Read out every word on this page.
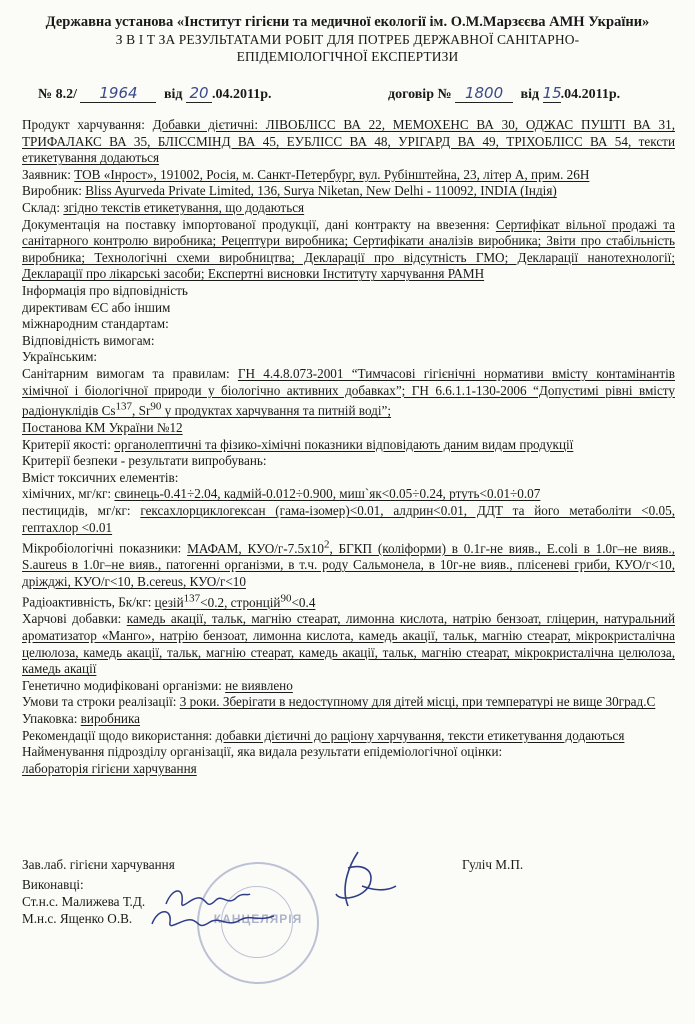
Державна установа «Інститут гігієни та медичної екології ім. О.М.Марзєєва АМН України»
З В І Т ЗА РЕЗУЛЬТАТАМИ РОБІТ ДЛЯ ПОТРЕБ ДЕРЖАВНОЇ САНІТАРНО-
ЕПІДЕМІОЛОГІЧНОЇ ЕКСПЕРТИЗИ
№ 8.2/ 1964 від 20 .04.2011р.	договір № 1800 від 15.04.2011р.
Продукт харчування: Добавки дієтичні: ЛІВОБЛІСС ВА 22, МЕМОХЕНС ВА 30, ОДЖАС ПУШТІ ВА 31, ТРИФАЛАКС ВА 35, БЛІССМІНД ВА 45, ЕУБЛІСС ВА 48, УРІГАРД ВА 49, ТРІХОБЛІСС ВА 54, тексти етикетування додаються
Заявник: ТОВ «Інрост», 191002, Росія, м. Санкт-Петербург, вул. Рубінштейна, 23, літер А, прим. 26Н
Виробник: Bliss Ayurveda Private Limited, 136, Surya Niketan, New Delhi - 110092, INDIA (Індія)
Склад: згідно текстів етикетування, що додаються
Документація на поставку імпортованої продукції, дані контракту на ввезення: Сертифікат вільної продажі та санітарного контролю виробника; Рецептури виробника; Сертифікати аналізів виробника; Звіти про стабільність виробника; Технологічні схеми виробництва; Декларації про відсутність ГМО; Декларації нанотехнології; Декларації про лікарські засоби; Експертні висновки Інституту харчування РАМН
Інформація про відповідність
директивам ЄС або іншим
міжнародним стандартам:
Відповідність вимогам:
Українським:
Санітарним вимогам та правилам: ГН 4.4.8.073-2001 “Тимчасові гігієнічні нормативи вмісту контамінантів хімічної і біологічної природи у біологічно активних добавках”; ГН 6.6.1.1-130-2006 “Допустимі рівні вмісту радіонуклідів Cs$^{137}$, Sr$^{90}$ у продуктах харчування та питній воді”;
Постанова КМ України №12
Критерії якості: органолептичні та фізико-хімічні показники відповідають даним видам продукції
Критерії безпеки - результати випробувань:
Вміст токсичних елементів:
хімічних, мг/кг: свинець-0.41÷2.04, кадмій-0.012÷0.900, миш`як<0.05÷0.24, ртуть<0.01÷0.07
пестицидів, мг/кг: гексахлорциклогексан (гама-ізомер)<0.01, алдрин<0.01, ДДТ та його метаболіти <0.05, гептахлор <0.01
Мікробіологічні показники: МАФАМ, КУО/$г-7.5х10^2$, БГКП (коліформи) в 0.1г-не вияв., E.coli в 1.0г–не вияв., S.aureus в 1.0г–не вияв., патогенні організми, в т.ч. роду Сальмонела, в 10г-не вияв., плісеневі гриби, КУО/г<10, дріжджі, КУО/г<10, B.cereus, КУО/г<10
Радіоактивність, Бк/кг: цезій$^{137}$<0.2, стронцій$^{90}$<0.4
Харчові добавки: камедь акації, тальк, магнію стеарат, лимонна кислота, натрію бензоат, гліцерин, натуральний ароматизатор «Манго», натрію бензоат, лимонна кислота, камедь акації, тальк, магнію стеарат, мікрокристалічна целюлоза, камедь акації, тальк, магнію стеарат, камедь акації, тальк, магнію стеарат, мікрокристалічна целюлоза, камедь акації
Генетично модифіковані організми: не виявлено
Умови та строки реалізації: 3 роки. Зберігати в недоступному для дітей місці, при температурі не вище 30град.С
Упаковка: виробника
Рекомендації щодо використання: добавки дієтичні до раціону харчування, тексти етикетування додаються
Найменування підрозділу організації, яка видала результати епідеміологічної оцінки:
лабораторія гігієни харчування
КАНЦЕЛЯРІЯ
Зав.лаб. гігієни харчування	Гуліч М.П.
Виконавці:
Ст.н.с. Малижева Т.Д.
М.н.с. Ященко О.В.
